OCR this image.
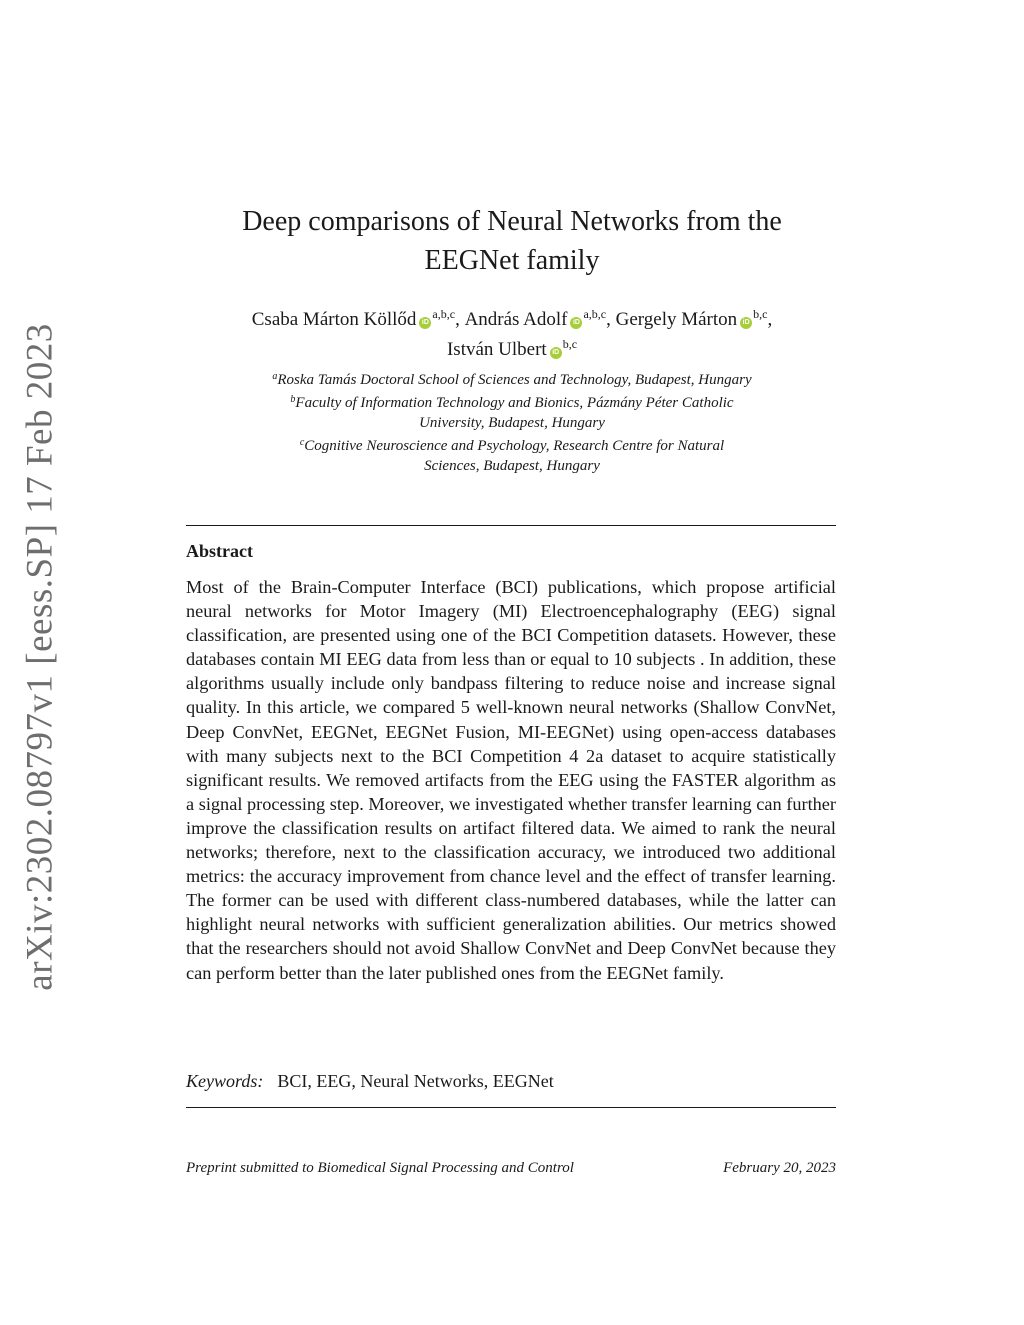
arXiv:2302.08797v1 [eess.SP] 17 Feb 2023
Deep comparisons of Neural Networks from the
EEGNet family
Csaba Márton Köllőd iD$^{a,b,c}$, András Adolf iD$^{a,b,c}$, Gergely Márton iD$^{b,c}$,
István Ulbert iD$^{b,c}$
$^a$Roska Tamás Doctoral School of Sciences and Technology, Budapest, Hungary
$^b$Faculty of Information Technology and Bionics, Pázmány Péter Catholic
University, Budapest, Hungary
$^c$Cognitive Neuroscience and Psychology, Research Centre for Natural
Sciences, Budapest, Hungary
Abstract

Most of the Brain-Computer Interface (BCI) publications, which propose artificial neural networks for Motor Imagery (MI) Electroencephalography (EEG) signal classification, are presented using one of the BCI Competition datasets. However, these databases contain MI EEG data from less than or equal to 10 subjects . In addition, these algorithms usually include only bandpass filtering to reduce noise and increase signal quality. In this article, we compared 5 well-known neural networks (Shallow ConvNet, Deep ConvNet, EEGNet, EEGNet Fusion, MI-EEGNet) using open-access databases with many subjects next to the BCI Competition 4 2a dataset to acquire statistically significant results. We removed artifacts from the EEG using the FASTER algorithm as a signal processing step. Moreover, we investigated whether transfer learning can further improve the classification results on artifact filtered data. We aimed to rank the neural networks; therefore, next to the classification accuracy, we introduced two additional metrics: the accuracy improvement from chance level and the effect of transfer learning. The former can be used with different class-numbered databases, while the latter can highlight neural networks with sufficient generalization abilities. Our metrics showed that the researchers should not avoid Shallow ConvNet and Deep ConvNet because they can perform better than the later published ones from the EEGNet family.

Keywords: BCI, EEG, Neural Networks, EEGNet
Preprint submitted to Biomedical Signal Processing and Control	February 20, 2023
